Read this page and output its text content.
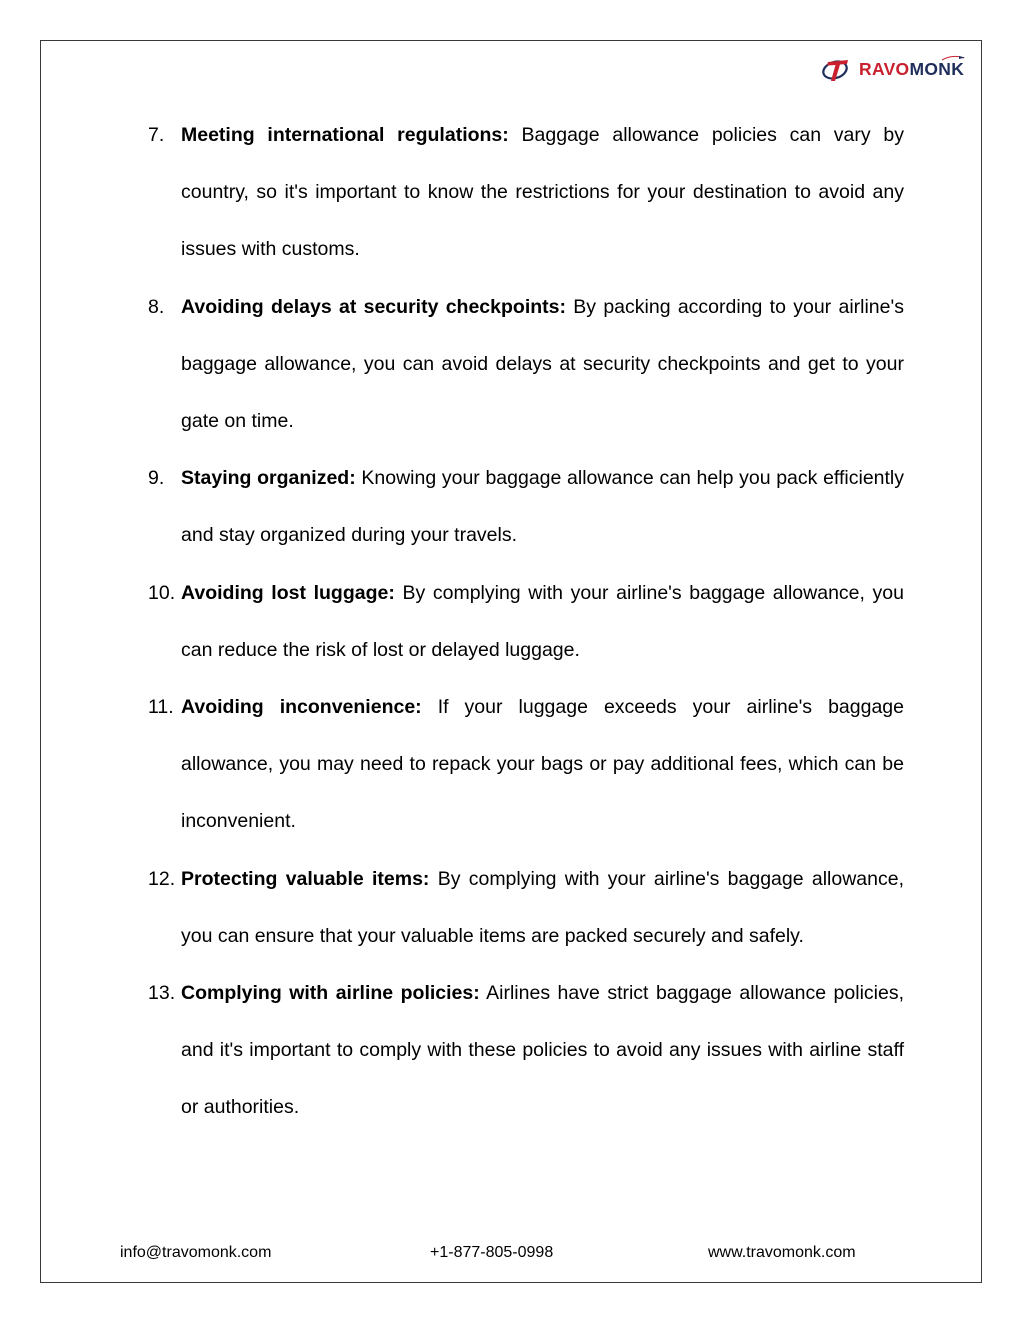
RAVOMONK
7. Meeting international regulations: Baggage allowance policies can vary by country, so it's important to know the restrictions for your destination to avoid any issues with customs.
8. Avoiding delays at security checkpoints: By packing according to your airline's baggage allowance, you can avoid delays at security checkpoints and get to your gate on time.
9. Staying organized: Knowing your baggage allowance can help you pack efficiently and stay organized during your travels.
10. Avoiding lost luggage: By complying with your airline's baggage allowance, you can reduce the risk of lost or delayed luggage.
11. Avoiding inconvenience: If your luggage exceeds your airline's baggage allowance, you may need to repack your bags or pay additional fees, which can be inconvenient.
12. Protecting valuable items: By complying with your airline's baggage allowance, you can ensure that your valuable items are packed securely and safely.
13. Complying with airline policies: Airlines have strict baggage allowance policies, and it's important to comply with these policies to avoid any issues with airline staff or authorities.
info@travomonk.com	+1-877-805-0998	www.travomonk.com
